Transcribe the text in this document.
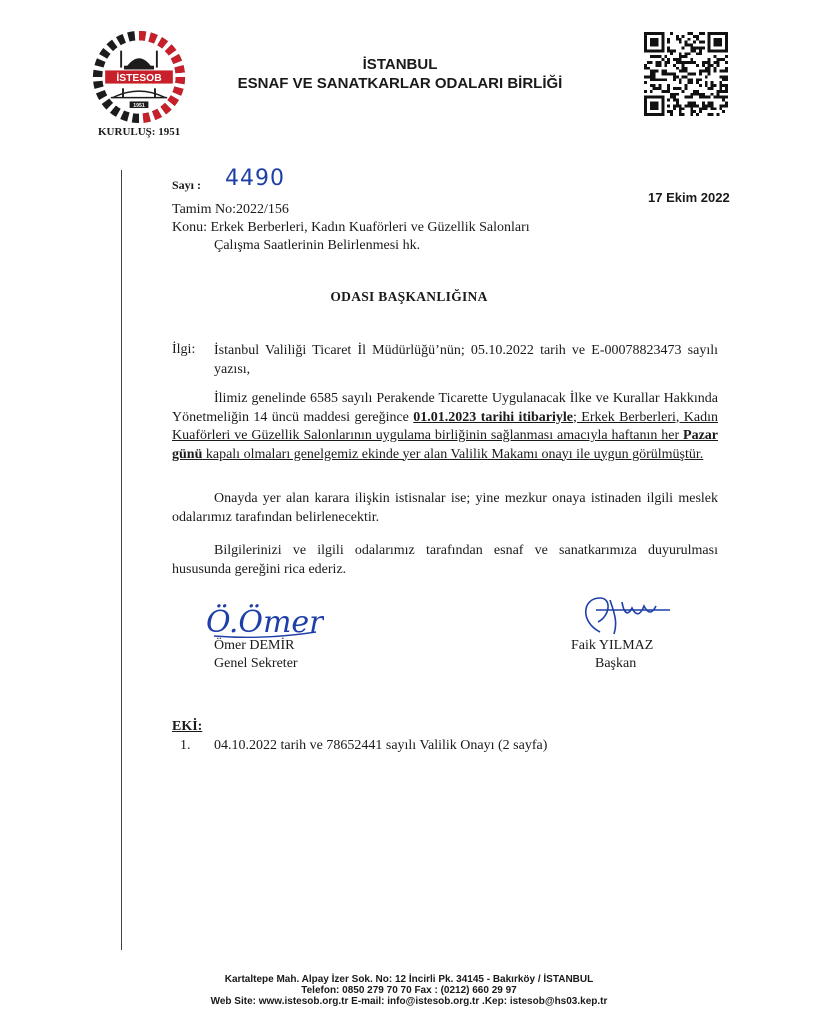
İSTESOB
1951
KURULUŞ: 1951
İSTANBUL
ESNAF VE SANATKARLAR ODALARI BİRLİĞİ
Sayı : 4490
17 Ekim 2022
Tamim No:2022/156
Konu: Erkek Berberleri, Kadın Kuaförleri ve Güzellik Salonları
Çalışma Saatlerinin Belirlenmesi hk.
ODASI BAŞKANLIĞINA
İlgi: İstanbul Valiliği Ticaret İl Müdürlüğü’nün; 05.10.2022 tarih ve E-00078823473 sayılı yazısı,
İlimiz genelinde 6585 sayılı Perakende Ticarette Uygulanacak İlke ve Kurallar Hakkında Yönetmeliğin 14 üncü maddesi gereğince 01.01.2023 tarihi itibariyle; Erkek Berberleri, Kadın Kuaförleri ve Güzellik Salonlarının uygulama birliğinin sağlanması amacıyla haftanın her Pazar günü kapalı olmaları genelgemiz ekinde yer alan Valilik Makamı onayı ile uygun görülmüştür.
Onayda yer alan karara ilişkin istisnalar ise; yine mezkur onaya istinaden ilgili meslek odalarımız tarafından belirlenecektir.
Bilgilerinizi ve ilgili odalarımız tarafından esnaf ve sanatkarımıza duyurulması hususunda gereğini rica ederiz.
Ö.Ömer
Ömer DEMİR
Genel Sekreter
Faik YILMAZ
Başkan
EKİ:
1. 04.10.2022 tarih ve 78652441 sayılı Valilik Onayı (2 sayfa)
Kartaltepe Mah. Alpay İzer Sok. No: 12 İncirli Pk. 34145 - Bakırköy / İSTANBUL
Telefon: 0850 279 70 70 Fax : (0212) 660 29 97
Web Site: www.istesob.org.tr E-mail: info@istesob.org.tr .Kep: istesob@hs03.kep.tr
